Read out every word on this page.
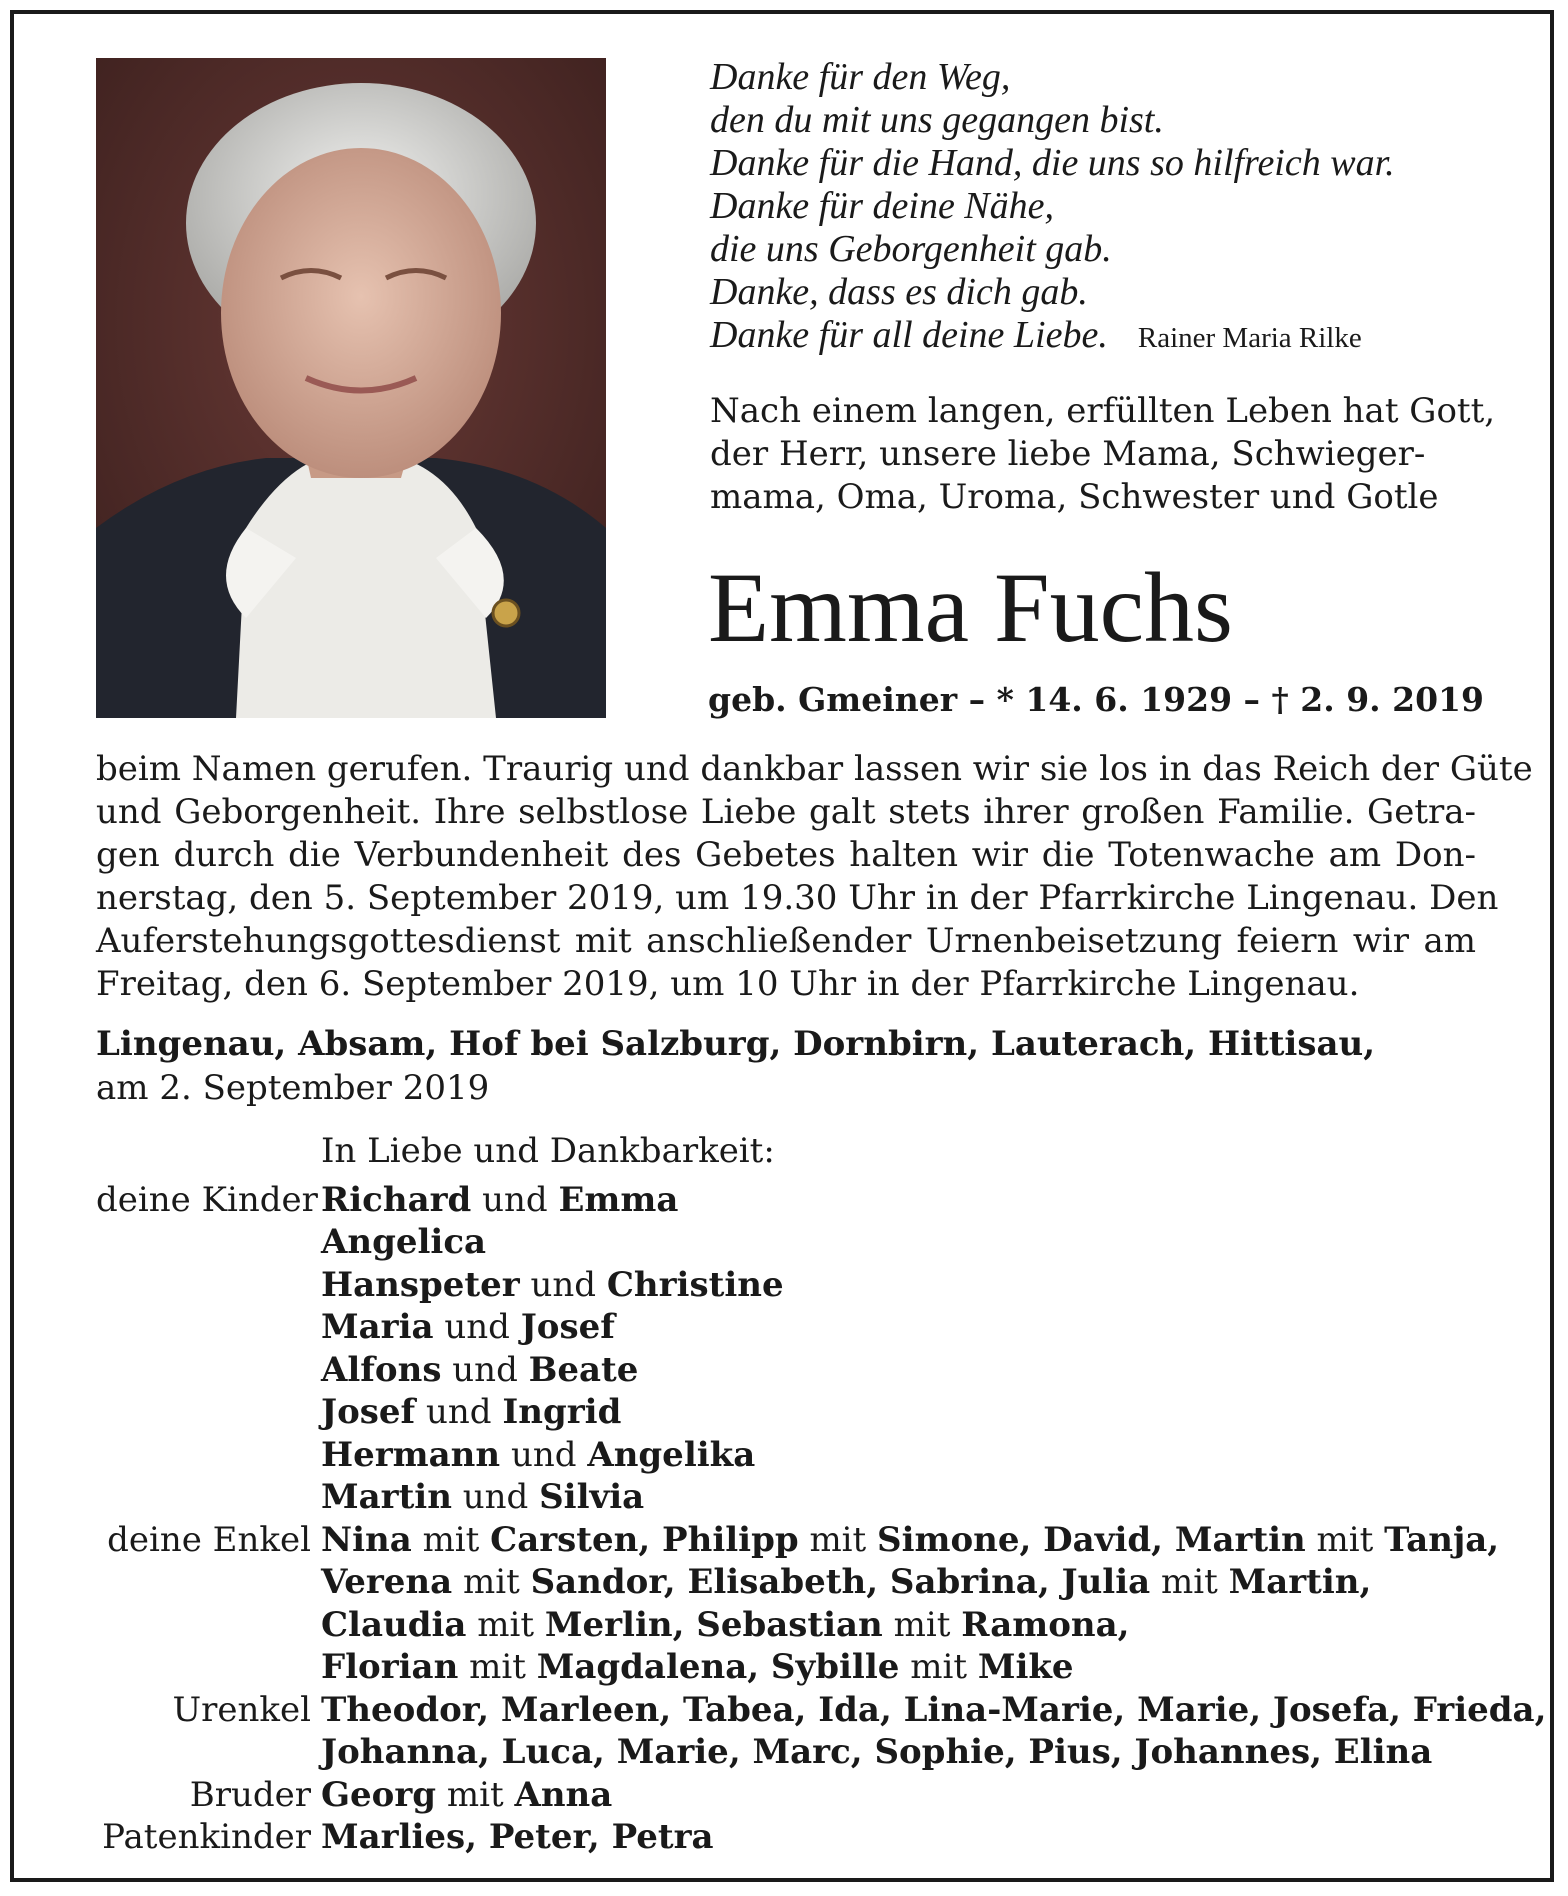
Danke für den Weg,
den du mit uns gegangen bist.
Danke für die Hand, die uns so hilfreich war.
Danke für deine Nähe,
die uns Geborgenheit gab.
Danke, dass es dich gab.
Danke für all deine Liebe. Rainer Maria Rilke
Nach einem langen, erfüllten Leben hat Gott,
der Herr, unsere liebe Mama, Schwieger-
mama, Oma, Uroma, Schwester und Gotle
Emma Fuchs
geb. Gmeiner – * 14. 6. 1929 – † 2. 9. 2019
beim Namen gerufen. Traurig und dankbar lassen wir sie los in das Reich der Güte
und Geborgenheit. Ihre selbstlose Liebe galt stets ihrer großen Familie. Getra-
gen durch die Verbundenheit des Gebetes halten wir die Totenwache am Don-
nerstag, den 5. September 2019, um 19.30 Uhr in der Pfarrkirche Lingenau. Den
Auferstehungsgottesdienst mit anschließender Urnenbeisetzung feiern wir am
Freitag, den 6. September 2019, um 10 Uhr in der Pfarrkirche Lingenau.
Lingenau, Absam, Hof bei Salzburg, Dornbirn, Lauterach, Hittisau,
am 2. September 2019
In Liebe und Dankbarkeit:
deine Kinder Richard und Emma
Angelica
Hanspeter und Christine
Maria und Josef
Alfons und Beate
Josef und Ingrid
Hermann und Angelika
Martin und Silvia
deine Enkel Nina mit Carsten, Philipp mit Simone, David, Martin mit Tanja,
Verena mit Sandor, Elisabeth, Sabrina, Julia mit Martin,
Claudia mit Merlin, Sebastian mit Ramona,
Florian mit Magdalena, Sybille mit Mike
Urenkel Theodor, Marleen, Tabea, Ida, Lina-Marie, Marie, Josefa, Frieda,
Johanna, Luca, Marie, Marc, Sophie, Pius, Johannes, Elina
Bruder Georg mit Anna
Patenkinder Marlies, Peter, Petra
